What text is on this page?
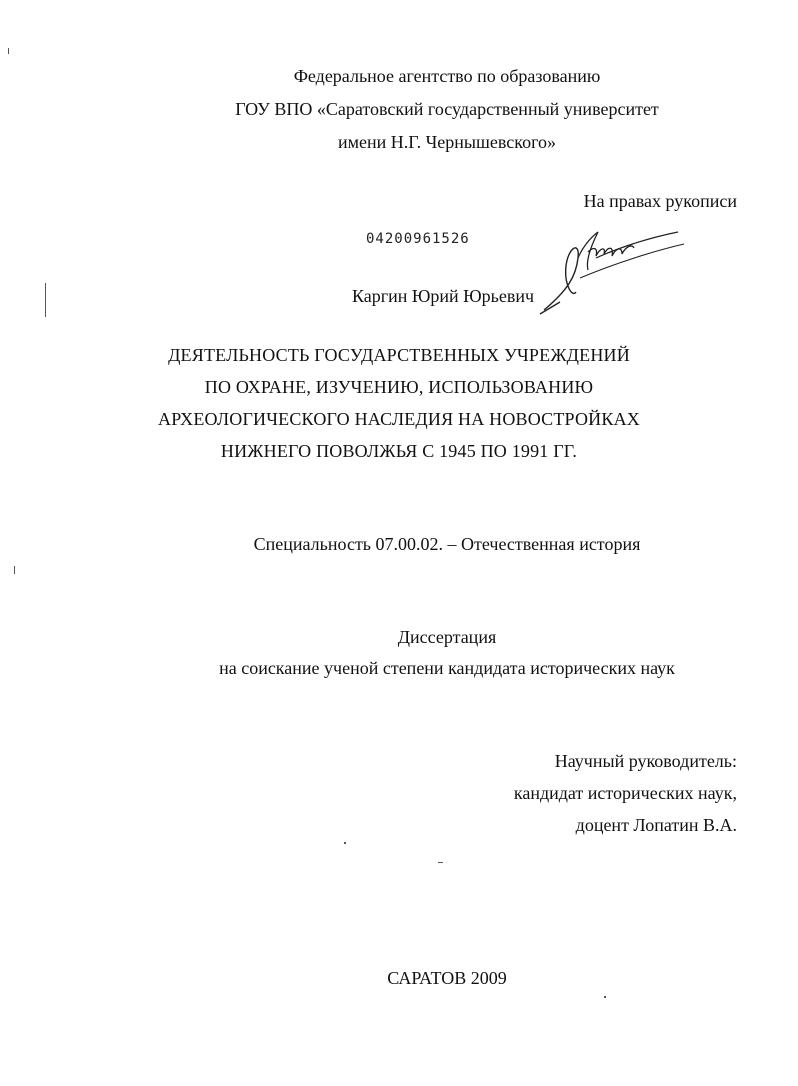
Федеральное агентство по образованию
ГОУ ВПО «Саратовский государственный университет
имени Н.Г. Чернышевского»
На правах рукописи
04200961526
Каргин Юрий Юрьевич
ДЕЯТЕЛЬНОСТЬ ГОСУДАРСТВЕННЫХ УЧРЕЖДЕНИЙ
ПО ОХРАНЕ, ИЗУЧЕНИЮ, ИСПОЛЬЗОВАНИЮ
АРХЕОЛОГИЧЕСКОГО НАСЛЕДИЯ НА НОВОСТРОЙКАХ
НИЖНЕГО ПОВОЛЖЬЯ С 1945 ПО 1991 ГГ.
Специальность 07.00.02. – Отечественная история
Диссертация
на соискание ученой степени кандидата исторических наук
Научный руководитель:
кандидат исторических наук,
доцент Лопатин В.А.
САРАТОВ 2009
